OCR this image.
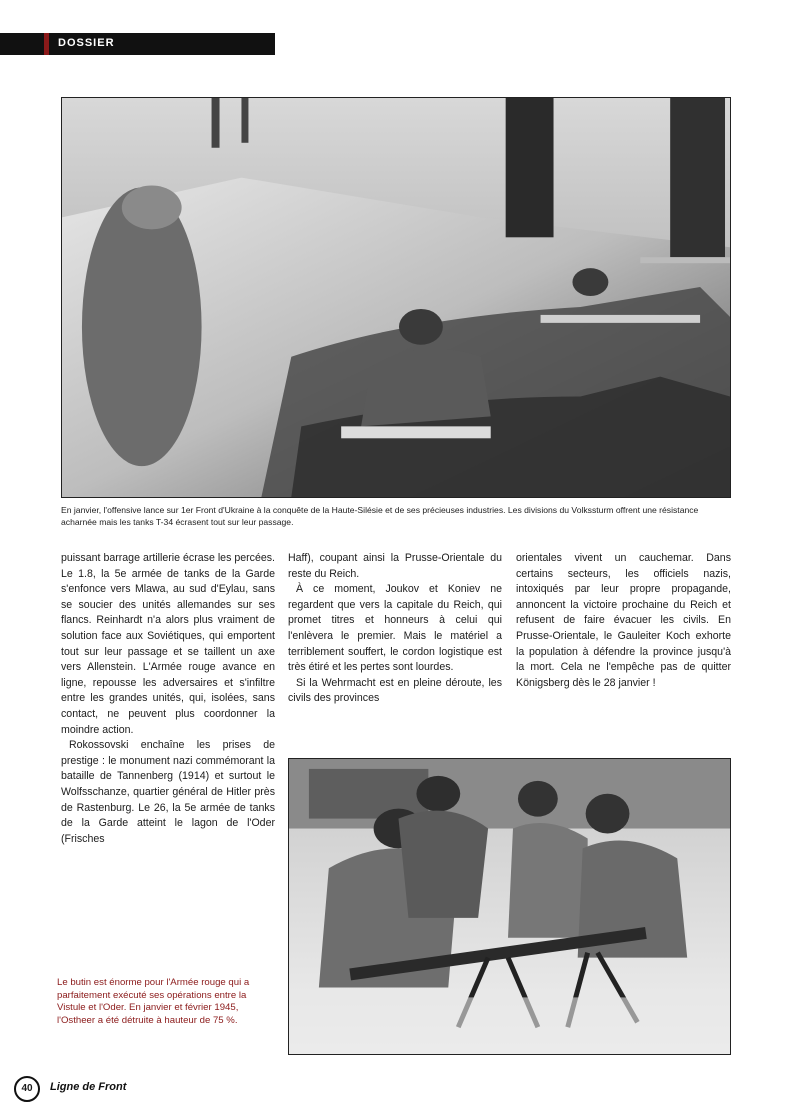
DOSSIER
En janvier, l'offensive lance sur 1er Front d'Ukraine à la conquête de la Haute-Silésie et de ses précieuses industries. Les divisions du Volkssturm offrent une résistance acharnée mais les tanks T-34 écrasent tout sur leur passage.

puissant barrage artillerie écrase les percées. Le 1.8, la 5e armée de tanks de la Garde s'enfonce vers Mlawa, au sud d'Eylau, sans se soucier des unités allemandes sur ses flancs. Reinhardt n'a alors plus vraiment de solution face aux Soviétiques, qui emportent tout sur leur passage et se taillent un axe vers Allenstein. L'Armée rouge avance en ligne, repousse les adversaires et s'infiltre entre les grandes unités, qui, isolées, sans contact, ne peuvent plus coordonner la moindre action.

Rokossovski enchaîne les prises de prestige : le monument nazi commémorant la bataille de Tannenberg (1914) et surtout le Wolfsschanze, quartier général de Hitler près de Rastenburg. Le 26, la 5e armée de tanks de la Garde atteint le lagon de l'Oder (Frisches

Haff), coupant ainsi la Prusse-Orientale du reste du Reich.

À ce moment, Joukov et Koniev ne regardent que vers la capitale du Reich, qui promet titres et honneurs à celui qui l'enlèvera le premier. Mais le matériel a terriblement souffert, le cordon logistique est très étiré et les pertes sont lourdes.

Si la Wehrmacht est en pleine déroute, les civils des provinces

orientales vivent un cauchemar. Dans certains secteurs, les officiels nazis, intoxiqués par leur propre propagande, annoncent la victoire prochaine du Reich et refusent de faire évacuer les civils. En Prusse-Orientale, le Gauleiter Koch exhorte la population à défendre la province jusqu'à la mort. Cela ne l'empêche pas de quitter Königsberg dès le 28 janvier !

Le butin est énorme pour l'Armée rouge qui a parfaitement exécuté ses opérations entre la Vistule et l'Oder. En janvier et février 1945, l'Ostheer a été détruite à hauteur de 75 %.
40	Ligne de Front
